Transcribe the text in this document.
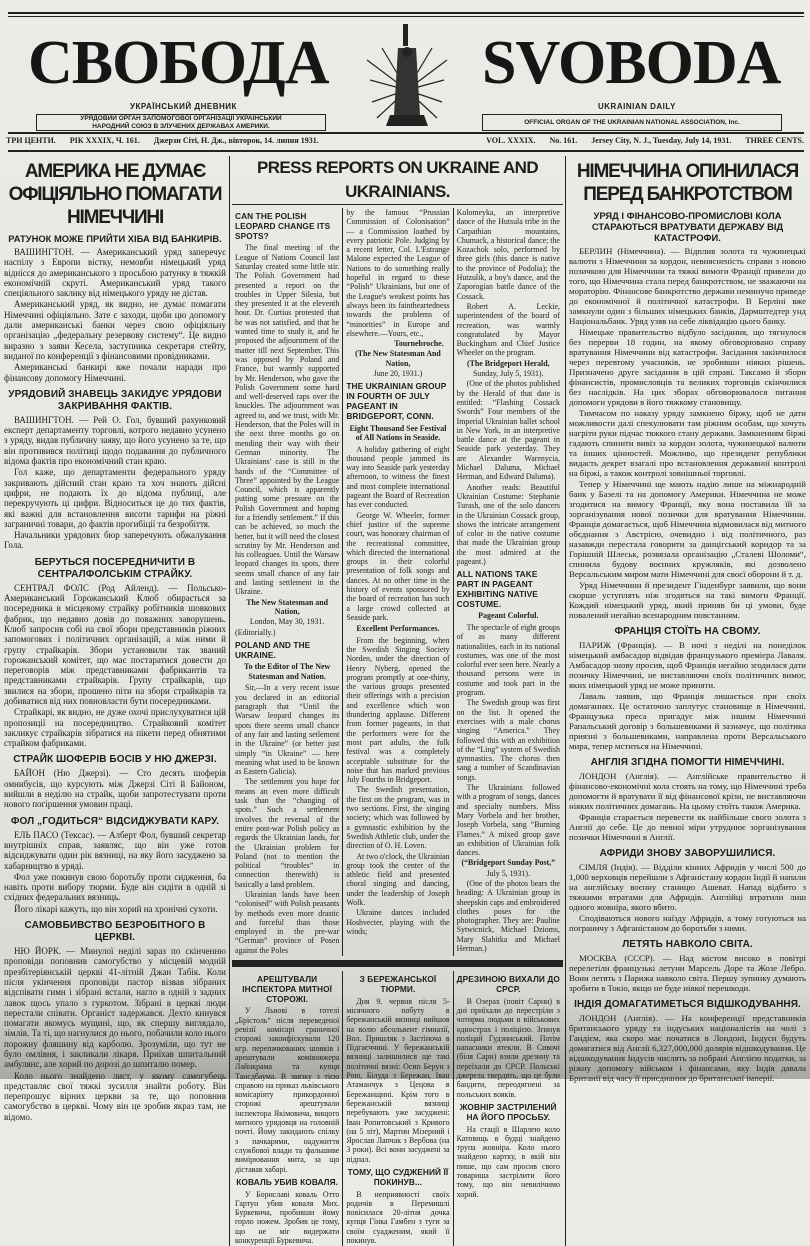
СВОБОДА SVOBODA
УКРАЇНСЬКИЙ ДНЕВНИК	UKRAINIAN DAILY
УРЯДОВИЙ ОРГАН ЗАПОМОГОВОЇ ОРГАНІЗАЦІЇ УКРАЇНСЬКИЙ НАРОДНИЙ СОЮЗ В ЗЛУЧЕНИХ ДЕРЖАВАХ АМЕРИКИ.
OFFICIAL ORGAN OF THE UKRAINIAN NATIONAL ASSOCIATION, Inc.
ТРИ ЦЕНТИ. РІК XXXIX, Ч. 161. Джерзи Сіті, Н. Дж., вівторок, 14. липня 1931.	VOL. XXXIX. No. 161. Jersey City, N. J., Tuesday, July 14, 1931. THREE CENTS.
АМЕРИКА НЕ ДУМАЄ ОФІЦІЯЛЬНО ПОМАГАТИ НІМЕЧЧИНІ
РАТУНОК МОЖЕ ПРИЙТИ ХІБА ВІД БАНКИРІВ.

ВАШИНГТОН. — Американський уряд заперечує наспілу з Европи вістку, немовби німецький уряд віднісся до американського з просьбою ратунку в тяжкій економічній скруті. Американський уряд такого спеціяльного заклику від німецького уряду не дістав.

Американський уряд, як видно, не думає помагати Німеччині офіціяльно. Зате є заходи, щоби цю допомогу дали американські банки через свою офіціяльну організацію „федеральну резервову систему“. Це видно виразно з заяви Кесела, заступника секретаря стейту, виданої по конференції з фінансовими провідниками.

Американські банкирі вже почали наради про фінансову допомогу Німеччині.

УРЯДОВИЙ ЗНАВЕЦЬ ЗАКИДУЄ УРЯДОВИ ЗАКРИВАННЯ ФАКТІВ.

ВАШИНГТОН. — Рей О. Гол, бувший рахунковий експерт департаменту торговлі, котрого недавно усунено з уряду, видав публичну заяву, що його усунено за те, що він противився політиці щодо подавання до публичного відома фактів про економічний стан краю.

Гол каже, що департаменти федерального уряду закривають дійсний стан краю та хоч знають дійсні цифри, не подають їх до відома публиці, але перекручують ці цифри. Відноситься це до тих фактів, які важні для встановлення висоти тарифи на ріжні заграничні товари, до фактів прогибіції та безробіття.

Начальники урядових бюр заперечують обжалування Гола.

БЕРУТЬСЯ ПОСЕРЕДНИЧИТИ В СЕНТРАЛФОЛСЬКІМ СТРАЙКУ.

СЕНТРАЛ ФОЛС (Род Айленд). — Польсько-Американський Горожанський Клюб обирається за посередника в місцевому страйку робітників шовкових фабрик, що недавно довів до поважних заворушень. Клюб запросив собі на свої збори представників ріжних запомогових і політичних організацій, а між ними й групу страйкарів. Збори установили так званий горожанський комітет, що має постаратися довести до переговорів між представниками фабрикантів та представниками страйкарів. Групу страйкарів, що звилися на збори, прошено піти на збори страйкарів та добиватися від них повновласти бути посередниками.

Страйкарі, як видно, не дуже охочі прислухуватися цій пропозиції на посередництво. Страйковий комітет закликує страйкарів зібратися на пікети перед обнятими страйком фабриками.

СТРАЙК ШОФЕРІВ БОСІВ У НЮ ДЖЕРЗІ.

БАЙОН (Ню Джерзі). — Сто десять шоферів омнибусів, що курсують між Джерзі Сіті й Байоном, вийшли в неділю на страйк, щоби запротестувати проти нового погіршення умовин праці.

ФОЛ „ГОДИТЬСЯ“ ВІДСИДЖУВАТИ КАРУ.

ЕЛЬ ПАСО (Тексас). — Алберт Фол, бувший секретар внутрішніх справ, заявляє, що він уже готов відсиджувати один рік вязниці, на яку його засуджено за хабарництво в уряді.

Фол уже покинув свою боротьбу проти сидження, ба навіть проти вибору тюрми. Буде він сидіти в одній зі східних федеральних вязниць.

Його лікарі кажуть, що він хорий на хронічні сухоти.

САМОВБИВСТВО БЕЗРОБІТНОГО В ЦЕРКВІ.

НЮ ЙОРК. — Минулої неділі зараз по скінченню проповіди поповнив самогубство у місцевій модній презбітеріянській церкві 41-літній Джан Табік. Коли після укінчення проповіди пастор візвав зібраних відспівати гимн і зібрані встали, нагло в одній з задних лавок щось упало з гуркотом. Зібрані в церкві люди перестали співати. Органіст задержався. Дехто кинувся помагати якомусь мущині, що, як спершу виглядало, зімлів. Та ті, що нагнулися до нього, побачили коло нього порожну фляшину від карболю. Зрозуміли, що тут не було омлівня, і закликали лікаря. Приїхав шпитальний амбулянс, але хорий по дорозі до шпиталю помер.

Коло нього знайдено лист, у якому самогубець представляє свої тяжкі зусилля знайти роботу. Він перепрошує вірних церкви за те, що поповнив самогубство в церкві. Чому він це зробив якраз там, не відомо.

PRESS REPORTS ON UKRAINE AND UKRAINIANS.
CAN THE POLISH LEOPARD CHANGE ITS SPOTS?

The final meeting of the League of Nations Council last Saturday created some little stir. The Polish Government had presented a report on the troubles in Upper Silesia, but they presented it at the eleventh hour. Dr. Curtius protested that he was not satisfied, and that he wanted time to study it, and he proposed the adjournment of the matter till next September. This was opposed by Poland and France, but warmly supported by Mr. Henderson, who gave the Polish Government some hard and well-deserved raps over the knuckles. The adjournment was agreed to, and we trust, with Mr. Henderson, that the Poles will in the next three months go on mending their way with their German minority. The Ukrainians' case is still in the hands of the “Committee of Three” appointed by the League Council, which is apparently putting some pressure on the Polish Government and hoping for a friendly settlement.” If this can be achieved, so much the better, but it will need the closest scrutiny by Mr. Henderson and his colleagues. Until the Warsaw leopard changes its spots, there seems small chance of any fair and lasting settlement in the Ukraine.

The New Statesman and Nation,
London, May 30, 1931.
(Editorially.)
POLAND AND THE UKRAINE.
To the Editor of The New Statesman and Nation.

Sir,—In a very recent issue you declared in an editorial paragraph that “Until the Warsaw leopard changes its spots there seems small chance of any fair and lasting setlement in the Ukraine” (or better just simply “in Ukraine” — here meaning what used to be known as Eastern Galicia).

The settlement you hope for means an even more difficult task than the “changing of spots.” Such a settlement involves the reversal of the entire post-war Polish policy as regards the Ukrainian lands, for the Ukrainian problem for Poland (not to mention the political “troubles” in connection therewith) is basically a land problem.

Ukrainian lands have been “colonised” with Polish peasants by methods even more drastic and forceful than those employed in the pre-war “German” province of Posen against the Poles

by the famous “Prussian Commission of Colonisation” — a Commission loathed by every patriotic Pole. Judging by a recent letter, Col. L'Estrange Malone expected the League of Nations to do something really hopeful in regard to these “Polish” Ukrainians, but one of the League's weakest points has always been its faintheartedness towards the problems of “minorities” in Europe and elsewhere.—Yours, etc.,

Tournebroche.
(The New Statesman And Nation,
June 20, 1931.)
THE UKRAINIAN GROUP IN FOURTH OF JULY PAGEANT IN BRIDGEPORT, CONN.
Eight Thousand See Festival of All Nations in Seaside.

A holiday gathering of eight thousand people jammed its way into Seaside park yesterday afternoon, to witness the finest and most complete international pageant the Board of Recreation has ever conducted.

George W. Wheeler, former chief justice of the supreme court, was honorary chairman of the recreational committee, which directed the international groups in their colorful presentation of folk songs and dances. At no other time in the history of events sponsored by the board of recreation has such a large crowd collected at Seaside park.

Excellent Performances.

From the beginning, when the Swedish Singing Society Norden, under the direction of Henry Nyberg, opened the program promptly at one-thirty, the various groups presented their offerings with a precision and excellence which won thundering applause. Different from former pageants, in that the performers were for the most part adults, the folk festival was a completely acceptable substitute for the noise that has marked previous July Fourths in Bridgeport.

The Swedish presentation, the first on the program, was in two sections. First, the singing society; which was followed by a gymnastic exhibition by the Swedish Athletic club, under the direction of O. H. Loven.

At two o'clock, the Ukrainian group took the center of the athletic field and presented choral singing and dancing, under the leadership of Joseph Wolk.

Ukraine dances included Hoshvecter, playing with the winds;

Kolomeyka, an interpretive dance of the Hutsula tribe in the Carpathian mountains, Chumack, a historical dance; the Kozachok solo, performed by three girls (this dance is native to the province of Podolia); the Hutzulik, a boy's dance, and the Zaporogian battle dance of the Cossack.

Robert A. Leckie, superintendent of the board of recreation, was warmly congratulated by Mayor Buckingham and Chief Justice Wheeler on the program.

(The Bridgeport Herald,
Sunday, July 5, 1931).

(One of the photos published by the Herald of that date is entitled: “Flashing Cossack Swords” Four members of the Imperial Ukrainian ballet school in New York, in an interpretive battle dance at the pageant in Seaside park yesterday. They are Alexander Warenycia, Michael Daluma, Michael Herman, and Edward Daluma).

Another reads: Beautiful Ukrainian Costume: Stephanie Turash, one of the solo dancers in the Ukrainian Cossack group, shows the intricate arrangement of color in the native costume that made the Ukrainian group the most admired at the pageant.)

ALL NATIONS TAKE PART IN PAGEANT EXHIBITING NATIVE COSTUME.
Pageant Colorful.

The spectacle of eight groups of as many different nationalities, each in its national costumes, was one of the most colorful ever seen here. Nearly a thousand persons were in costume and took part in the program.

The Swedish group was first on the list. It opened the exercises with a male chorus singing “America.” They followed this with an exhibition of the “Ling” system of Swedish gymnastics. The chorus then sang a number of Scandinavian songs.

The Ukrainians followed with a program of songs, dances and specialty numbers. Miss Mary Vorbela and her brother, Joseph Vorbela, sang “Burning Flames.” A mixed group gave an exhibition of Ukrainian folk dances.

(“Bridgeport Sunday Post,”
July 5, 1931).

(One of the photos bears the heading: A Ukrainian group in sheepskin caps and embroidered clothes poses for the photographer. They are: Pauline Sytwicnick, Michael Dzioms, Mary Slabitka and Michael Herman.)

АРЕШТУВАЛИ ІНСПЕКТОРА МИТНОЇ СТОРОЖІ.

У Львові в готелі „Брістоль“ після переведеної ревізії комісарі граничної сторожі законфіскували 120 кгр. перепачкованих шовків і арештували комівояжера Лайнкрама та купця Тансдбаума. В звязку з тією справою на приказ львівського комісаріяту прикордонної сторожі арештували інспектора Якімовича, вищого митного урядовця на головній почті. Йому закидають спілку з пачкарями, надужиття службової влади та фальшиве вимірювання мита, за що діставав хабарі.

КОВАЛЬ УБИВ КОВАЛЯ.

У Бориславі коваль Отто Гартун убив коваля Мих. Буркевича, пробивши йому горло ножем. Зробив це тому, що не міг видержати конкуренції Буркевича.

З БЕРЕЖАНСЬКОЇ ТЮРМИ.

Дня 9. червня після 5-місячного побуту в бережанській вязниці вийшов на волю абсольвент гімназії, Вол. Пришляк з Застіноча в Підгаєччині. У бережанській вязниці залишилися ще такі політичні вязні: Осип Берун з Рою, Білуда з Бережан, Іван Атаманчук з Цецова в Бережанщині. Крім того в бережанській вязниці перебувають уже засуджені: Іван Ропитовський з Кривого (на 5 літ), Мартин Мізерний і Ярослав Лапчак з Вербова (на 3 роки). Всі вони засуджені за підпал.

ТОМУ, ЩО СУДЖЕНИЙ ЇЇ ПОКИНУВ...

В неприявності своїх родичів в Перемишлі повісилася 20-літня дочка купця Гінка Гамбен з туги за своїм суадженим, який її покинув.

ДРЕЗИНОЮ ВИХАЛИ ДО СРСР.

В Озерах (повіт Сарни) в дні приїхали до перестріли з чотирма людьми в військових однострах і поліцією. Згинув поліцай Гудзинський. Потім напасники втекли. В Сивочі (біля Сарн) взяли дрезину та переїхали до СРСР. Польські джерела твердять, що це були бандити, переодягнені за польських вояків.

ЖОВНІР ЗАСТРІЛЕНИЙ НА ЙОГО ПРОСЬБУ.

На стації в Шарлею коло Катовиць в будці знайдено трупа жовніра. Коло нього знайдено картку, в якій він пише, що сам просив свого товариша застрілити його тому, що він невилічимо хорий.

НІМЕЧЧИНА ОПИНИЛАСЯ ПЕРЕД БАНКРОТСТВОМ
УРЯД І ФІНАНСОВО-ПРОМИСЛОВІ КОЛА СТАРАЮТЬСЯ ВРАТУВАТИ ДЕРЖАВУ ВІД КАТАСТРОФИ.

БЕРЛИН (Німеччина). — Відплив золота та чужинецькі валюти з Німеччини за кордон, невиясненість справи з новою позичкою для Німеччини та тяжкі вимоги Франції привели до того, що Німеччина стала перед банкротством, не зважаючи на мораторію. Фінансове банкротство держави неминучо приведе до економічної й політичної катастрофи. В Берліні вже замкнули один з більших німецьких банків, Дармштедтер унд Національбанк. Уряд узяв на себе ліквідацію цього банку.

Німецьке правительство відбуло засідання, що тягнулося без перерви 18 годин, на якому обговорювано справу вратування Німеччини від катастрофи. Засідання закінчилося через перевтому учасників, не зробивши ніяких рішень. Призначено друге засідання в цій справі. Таксамо й збори фінансистів, промисловців та великих торговців скінчилися без наслідків. На цих зборах обговорювалося питання допомоги урядови в його тяжкому становищу.

Тимчасом по наказу уряду замкнено біржу, щоб не дати можливости далі спекулювати там ріжним особам, що хочуть нагріти руки підчас тяжкого стану держави. Замкненням біржі гадають спинити вивіз за кордон золота, чужинецької валюти та інших цінностей. Можливо, що президент републики видасть декрет взагалі про встановлення державної контролі на біржі, а також контролі зовнішньої торговлі.

Тепер у Німеччині ще мають надію лише на міжнародній банк у Базелі та на допомогу Америки. Німеччина не може згодитися на вимогу Франції, яку вона поставила їй за зорганізування нової позички для вратування Німеччини. Франція домагається, щоб Німеччина відмовилася від митного обєднання з Австрією, очевидно і від політичного, раз назавжди перестала говорити за данцігський коридор та за Горішній Шлеськ, розвязала організацію „Сталеві Шоломи“, спинила будову воєнних кружляків, які дозволено Версальським миром мати Німеччині для своєї оборони й т. д.

Уряд Німеччини й президент Гінденбург заявили, що вони скорше уступлять ніж згодяться на такі вимоги Франції. Кождий німецький уряд, який приняв би ці умови, буде повалений негайно всенародним повстанням.

ФРАНЦІЯ СТОЇТЬ НА СВОМУ.

ПАРИЖ (Франція). — В ночі з неділі на понеділок німецький амбасадор відвідав французького премієра Лаваля. Амбасадор знову просив, щоб Франція негайно згодилася дати позичку Німеччині, не виставляючи своїх політичних вимог, яких німецький уряд не може приняти.

Лаваль заявив, що Франція лишається при своїх домаганнях. Це остаточно заплутує становище в Німеччині. Французька преса пригадує між іншим Німеччині Рапальський договір з большевиками й зазначує, що політика приязні з большевиками, направлена проти Версальського мира, тепер мститься на Німеччині.

АНГЛІЯ ЗГІДНА ПОМОГТИ НІМЕЧЧИНІ.

ЛОНДОН (Англія). — Англійське правительство й фінансово-економічні кола стоять на тому, що Німеччині треба допомогти й вратувати її від фінансової крізи, не виставляючи ніяких політичних домагань. На цьому стоїть також Америка.

Франція старається перевести як найбільше свого золота з Англії до себе. Це до певної міри утруднює зорганізування позички Німеччині в Англії.

АФРИДИ ЗНОВУ ЗАВОРУШИЛИСЯ.

СІМЛЯ (Індія). — Відділи кінних Афридів у числі 500 до 1,000 верховців перейшли з Афганістану кордон Індії й напали на англійську воєнну станицю Ашеват. Напад відбито з тяжкими втратами для Афридів. Англійці втратили лиш одного жовніра, якого вбито.

Сподіваються нового наїзду Афридів, а тому готуються на пограничу з Афганістаном до боротьби з ними.

ЛЕТЯТЬ НАВКОЛО СВІТА.

МОСКВА (СССР). — Над містом високо в повітрі перелетіли французькі летуни Марсель Доре та Жозе Лебро. Вони летять з Парижа навколо світа. Першу зупинку думають зробити в Токіо, якщо не буде ніякої перешкоди.

ІНДІЯ ДОМАГАТИМЕТЬСЯ ВІДШКОДУВАННЯ.

ЛОНДОН (Англія). — На конференції представників британського уряду та індуських націоналістів на чолі з Гандієм, яка скоро має початися в Лондоні, Індуси будуть домагатися від Англії 6,327,000,000 долярів відшкодування. Це відшкодування Індусів числять за побрані Англією податки, за ріжну допомогу військом і фінансами, яку Індія давала Британії від часу її приєднання до британської імперії.
